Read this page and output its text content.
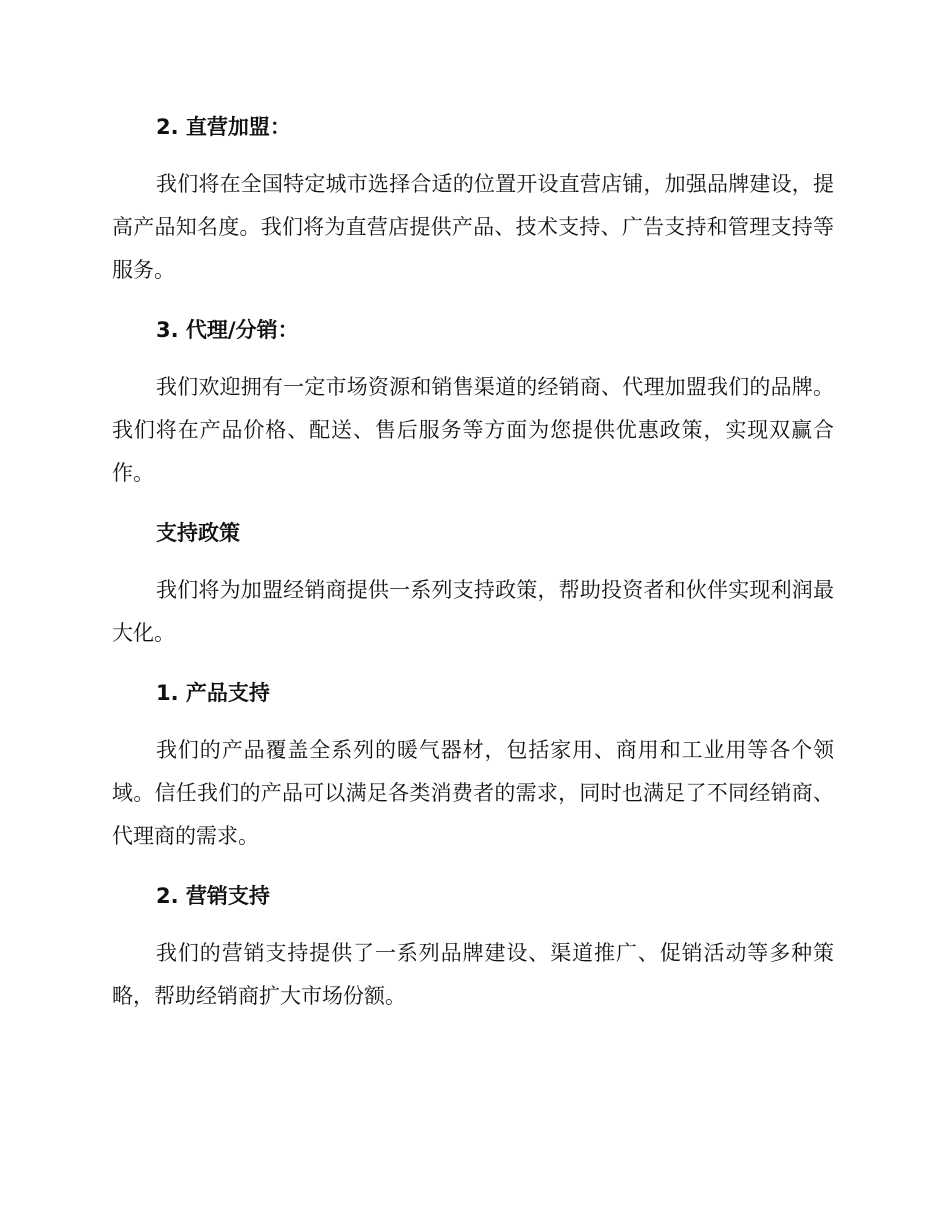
2. 直营加盟：

我们将在全国特定城市选择合适的位置开设直营店铺，加强品牌建设，提高产品知名度。我们将为直营店提供产品、技术支持、广告支持和管理支持等服务。

3. 代理/分销：

我们欢迎拥有一定市场资源和销售渠道的经销商、代理加盟我们的品牌。我们将在产品价格、配送、售后服务等方面为您提供优惠政策，实现双赢合作。

支持政策

我们将为加盟经销商提供一系列支持政策，帮助投资者和伙伴实现利润最大化。

1. 产品支持

我们的产品覆盖全系列的暖气器材，包括家用、商用和工业用等各个领域。信任我们的产品可以满足各类消费者的需求，同时也满足了不同经销商、代理商的需求。

2. 营销支持

我们的营销支持提供了一系列品牌建设、渠道推广、促销活动等多种策略，帮助经销商扩大市场份额。
